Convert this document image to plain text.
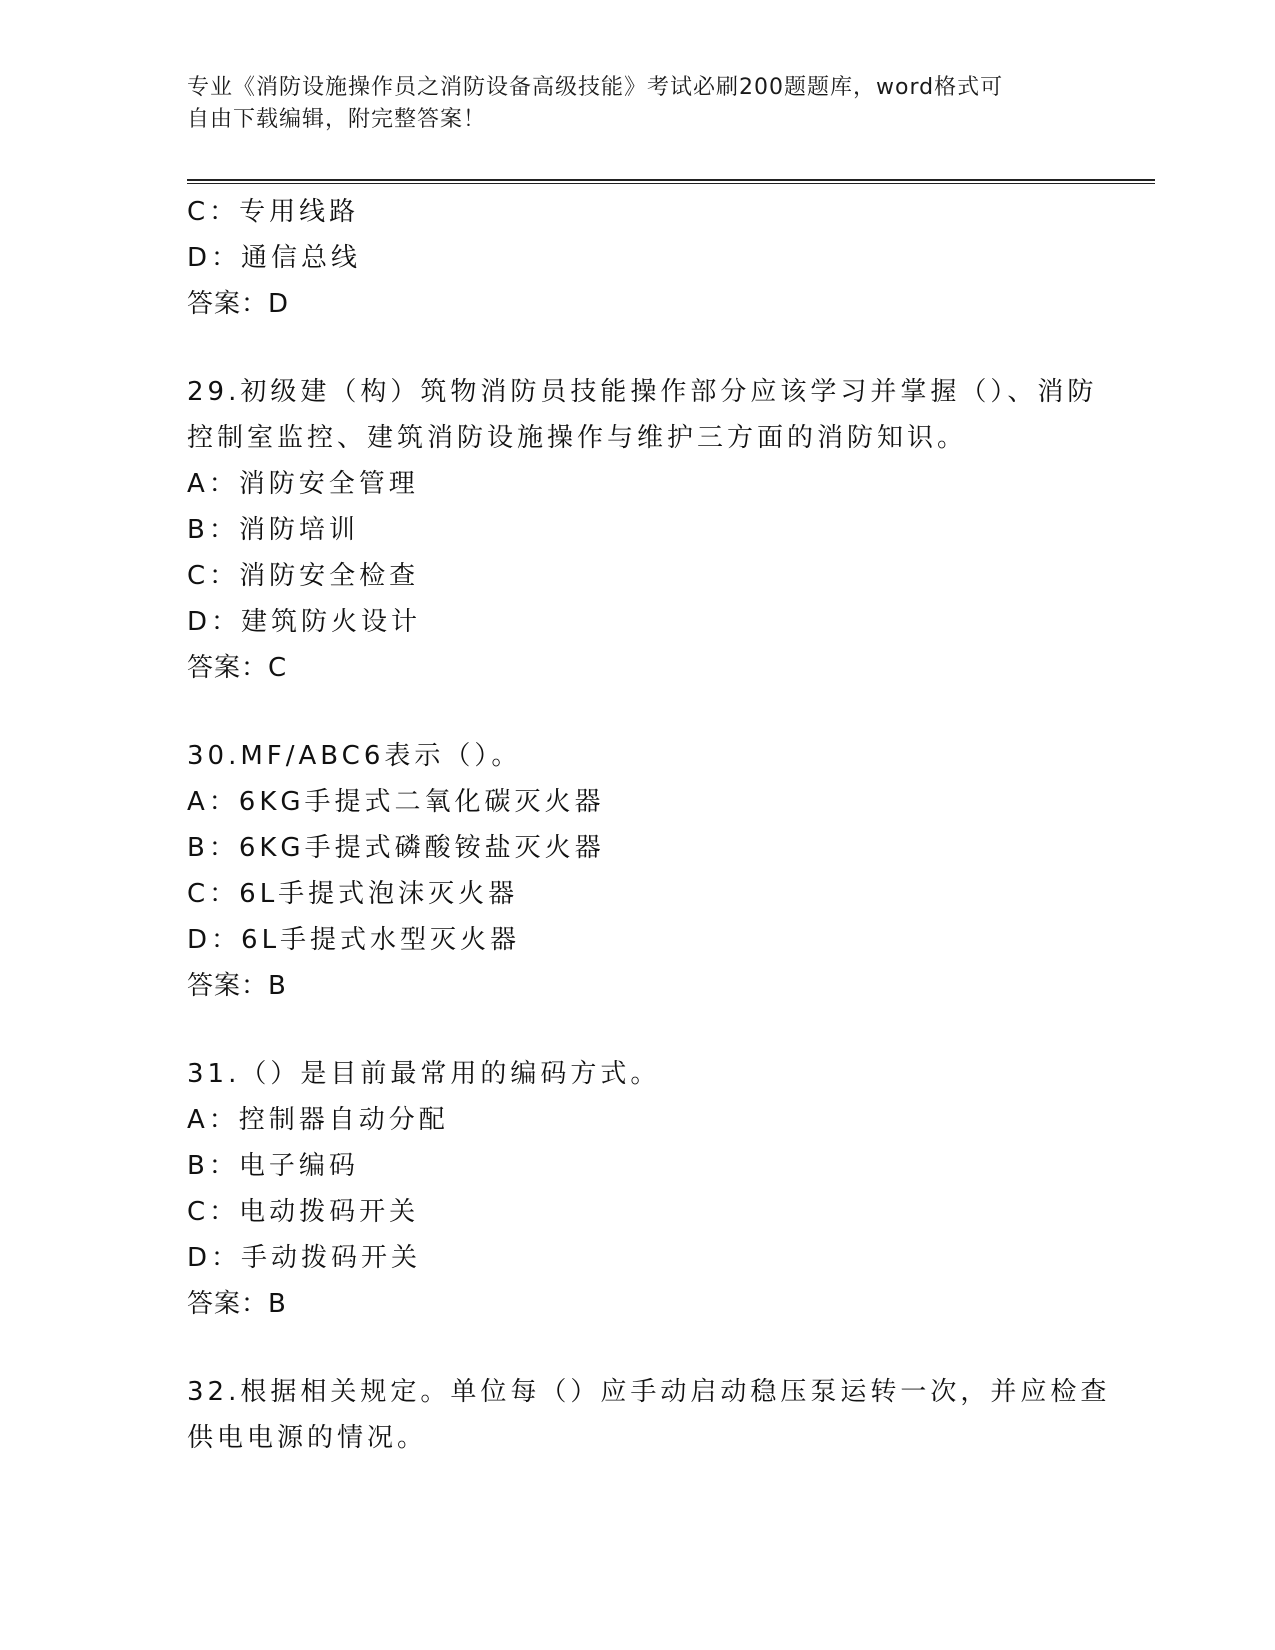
专业《消防设施操作员之消防设备高级技能》考试必刷200题题库，word格式可
自由下载编辑，附完整答案！
C：专用线路
D：通信总线
答案：D
29.初级建（构）筑物消防员技能操作部分应该学习并掌握（）、消防
控制室监控、建筑消防设施操作与维护三方面的消防知识。
A：消防安全管理
B：消防培训
C：消防安全检查
D：建筑防火设计
答案：C
30.MF/ABC6表示（）。
A：6KG手提式二氧化碳灭火器
B：6KG手提式磷酸铵盐灭火器
C：6L手提式泡沫灭火器
D：6L手提式水型灭火器
答案：B
31.（）是目前最常用的编码方式。
A：控制器自动分配
B：电子编码
C：电动拨码开关
D：手动拨码开关
答案：B
32.根据相关规定。单位每（）应手动启动稳压泵运转一次，并应检查
供电电源的情况。
